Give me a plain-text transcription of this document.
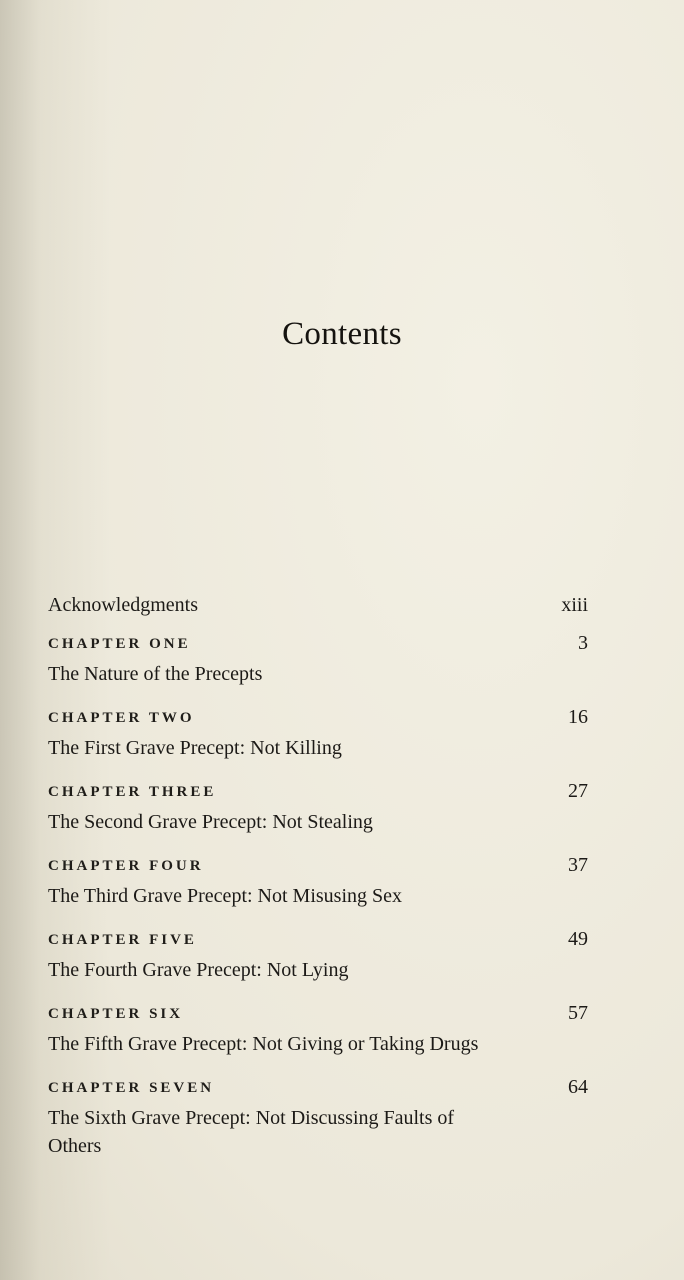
Contents
Acknowledgments	xiii
CHAPTER ONE	3
The Nature of the Precepts
CHAPTER TWO	16
The First Grave Precept: Not Killing
CHAPTER THREE	27
The Second Grave Precept: Not Stealing
CHAPTER FOUR	37
The Third Grave Precept: Not Misusing Sex
CHAPTER FIVE	49
The Fourth Grave Precept: Not Lying
CHAPTER SIX	57
The Fifth Grave Precept: Not Giving or Taking Drugs
CHAPTER SEVEN	64
The Sixth Grave Precept: Not Discussing Faults of Others
